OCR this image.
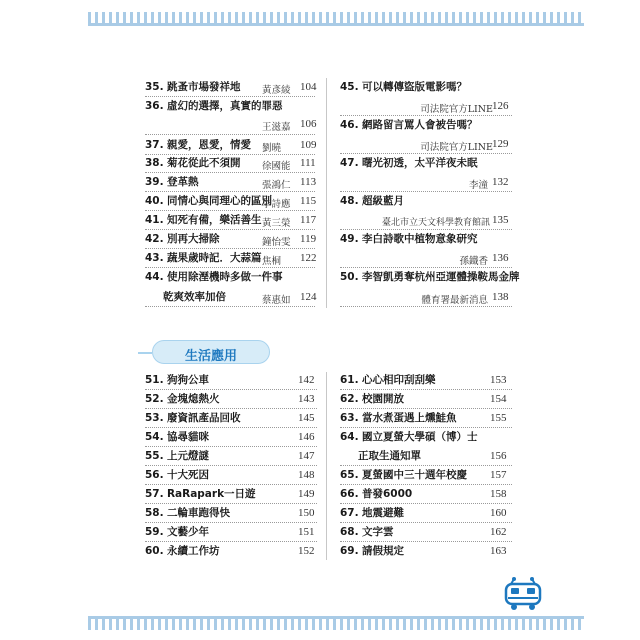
35. 跳蚤市場發祥地 黃彥綾 104
36. 虛幻的選擇，真實的罪惡
王滋嘉 106
37. 親愛，恩愛，情愛 劉曉 109
38. 菊花從此不須開 徐國能 111
39. 登革熱	張鴻仁 113
40. 同情心與同理心的區別
李詩應 115
41. 知死有備，樂活善生 黃三榮 117
42. 別再大掃除	鐘怡雯 119
43. 蔬果歲時記．大蒜篇 焦桐 122
44. 使用除溼機時多做一件事
乾爽效率加倍	蔡惠如 124
45. 可以轉傳盜版電影嗎？
司法院官方LINE 126
46. 網路留言罵人會被告嗎？
司法院官方LINE 129
47. 曙光初透，太平洋夜未眠
李潼 132
48. 超級藍月
臺北市立天文科學教育館訊 135
49. 李白詩歌中植物意象研究
孫鐵香 136
50. 李智凱勇奪杭州亞運體操鞍馬金牌
體育署最新消息 138
生活應用
51. 狗狗公車	142
52. 金塊熄熱火	143
53. 廢資訊產品回收	145
54. 協尋貓咪	146
55. 上元燈謎	147
56. 十大死因	148
57. RaRapark一日遊	149
58. 二輪車跑得快	150
59. 文藝少年	151
60. 永續工作坊	152
61. 心心相印刮刮樂	153
62. 校園開放	154
63. 當水煮蛋遇上燻鮭魚	155
64. 國立夏螢大學碩（博）士
正取生通知單	156
65. 夏螢國中三十週年校慶 157
66. 普發6000	158
67. 地震避難	160
68. 文字雲	162
69. 請假規定	163
